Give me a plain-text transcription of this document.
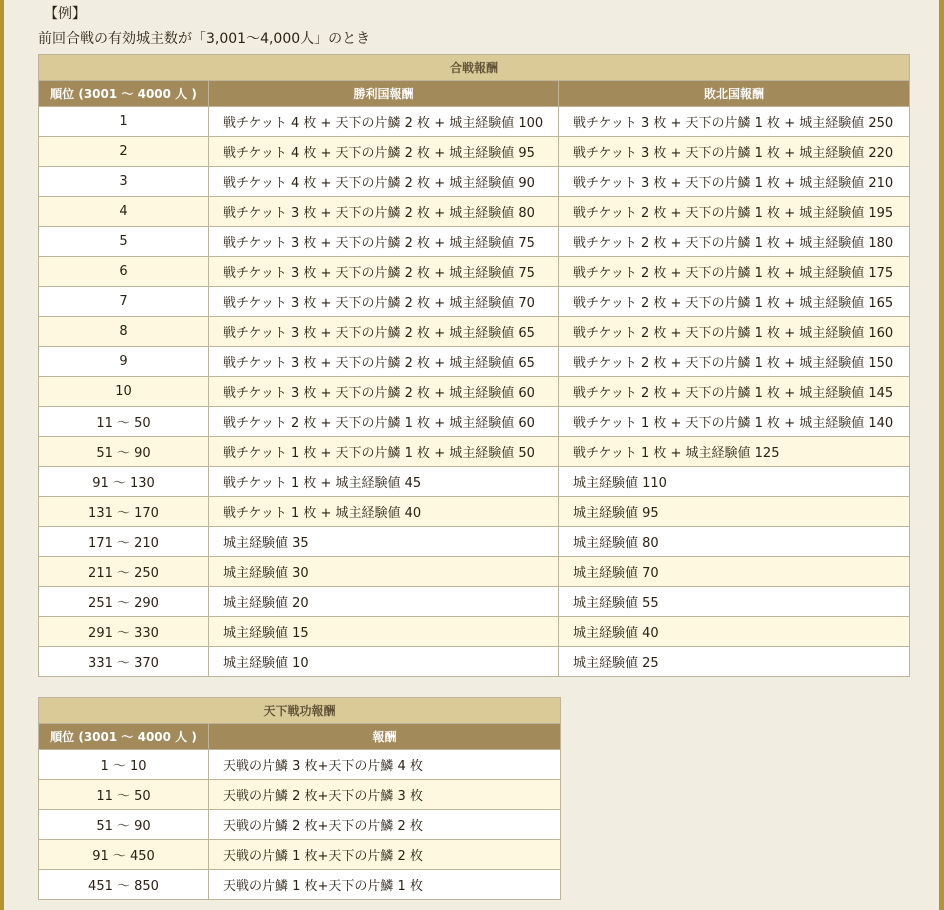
【例】
前回合戦の有効城主数が「3,001〜4,000人」のとき
合戦報酬		
順位 (3001 〜 4000 人 )	勝利国報酬	敗北国報酬
1	戦チケット 4 枚 + 天下の片鱗 2 枚 + 城主経験値 100	戦チケット 3 枚 + 天下の片鱗 1 枚 + 城主経験値 250
2	戦チケット 4 枚 + 天下の片鱗 2 枚 + 城主経験値 95	戦チケット 3 枚 + 天下の片鱗 1 枚 + 城主経験値 220
3	戦チケット 4 枚 + 天下の片鱗 2 枚 + 城主経験値 90	戦チケット 3 枚 + 天下の片鱗 1 枚 + 城主経験値 210
4	戦チケット 3 枚 + 天下の片鱗 2 枚 + 城主経験値 80	戦チケット 2 枚 + 天下の片鱗 1 枚 + 城主経験値 195
5	戦チケット 3 枚 + 天下の片鱗 2 枚 + 城主経験値 75	戦チケット 2 枚 + 天下の片鱗 1 枚 + 城主経験値 180
6	戦チケット 3 枚 + 天下の片鱗 2 枚 + 城主経験値 75	戦チケット 2 枚 + 天下の片鱗 1 枚 + 城主経験値 175
7	戦チケット 3 枚 + 天下の片鱗 2 枚 + 城主経験値 70	戦チケット 2 枚 + 天下の片鱗 1 枚 + 城主経験値 165
8	戦チケット 3 枚 + 天下の片鱗 2 枚 + 城主経験値 65	戦チケット 2 枚 + 天下の片鱗 1 枚 + 城主経験値 160
9	戦チケット 3 枚 + 天下の片鱗 2 枚 + 城主経験値 65	戦チケット 2 枚 + 天下の片鱗 1 枚 + 城主経験値 150
10	戦チケット 3 枚 + 天下の片鱗 2 枚 + 城主経験値 60	戦チケット 2 枚 + 天下の片鱗 1 枚 + 城主経験値 145
11 〜 50	戦チケット 2 枚 + 天下の片鱗 1 枚 + 城主経験値 60	戦チケット 1 枚 + 天下の片鱗 1 枚 + 城主経験値 140
51 〜 90	戦チケット 1 枚 + 天下の片鱗 1 枚 + 城主経験値 50	戦チケット 1 枚 + 城主経験値 125
91 〜 130	戦チケット 1 枚 + 城主経験値 45	城主経験値 110
131 〜 170	戦チケット 1 枚 + 城主経験値 40	城主経験値 95
171 〜 210	城主経験値 35	城主経験値 80
211 〜 250	城主経験値 30	城主経験値 70
251 〜 290	城主経験値 20	城主経験値 55
291 〜 330	城主経験値 15	城主経験値 40
331 〜 370	城主経験値 10	城主経験値 25
天下戦功報酬	
順位 (3001 〜 4000 人 )	報酬
1 〜 10	天戦の片鱗 3 枚+天下の片鱗 4 枚
11 〜 50	天戦の片鱗 2 枚+天下の片鱗 3 枚
51 〜 90	天戦の片鱗 2 枚+天下の片鱗 2 枚
91 〜 450	天戦の片鱗 1 枚+天下の片鱗 2 枚
451 〜 850	天戦の片鱗 1 枚+天下の片鱗 1 枚
